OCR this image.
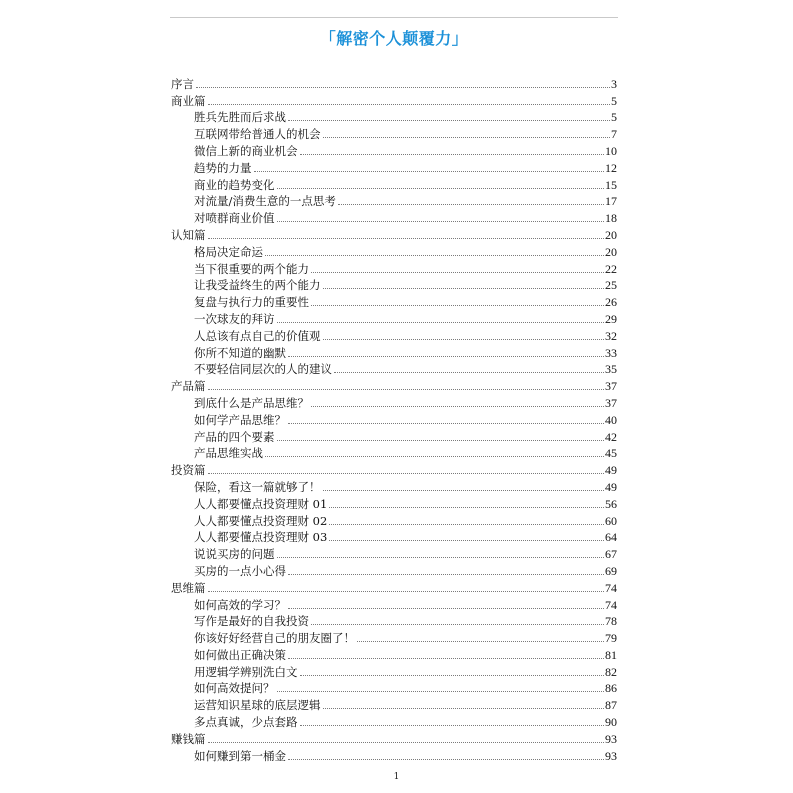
「解密个人颠覆力」
序言	3
商业篇	5
胜兵先胜而后求战	5
互联网带给普通人的机会	7
微信上新的商业机会	10
趋势的力量	12
商业的趋势变化	15
对流量/消费生意的一点思考	17
对喷群商业价值	18
认知篇	20
格局决定命运	20
当下很重要的两个能力	22
让我受益终生的两个能力	25
复盘与执行力的重要性	26
一次球友的拜访	29
人总该有点自己的价值观	32
你所不知道的幽默	33
不要轻信同层次的人的建议	35
产品篇	37
到底什么是产品思维？	37
如何学产品思维？	40
产品的四个要素	42
产品思维实战	45
投资篇	49
保险，看这一篇就够了！	49
人人都要懂点投资理财 01	56
人人都要懂点投资理财 02	60
人人都要懂点投资理财 03	64
说说买房的问题	67
买房的一点小心得	69
思维篇	74
如何高效的学习？	74
写作是最好的自我投资	78
你该好好经营自己的朋友圈了！	79
如何做出正确决策	81
用逻辑学辨别洗白文	82
如何高效提问？	86
运营知识星球的底层逻辑	87
多点真诚，少点套路	90
赚钱篇	93
如何赚到第一桶金	93
1
